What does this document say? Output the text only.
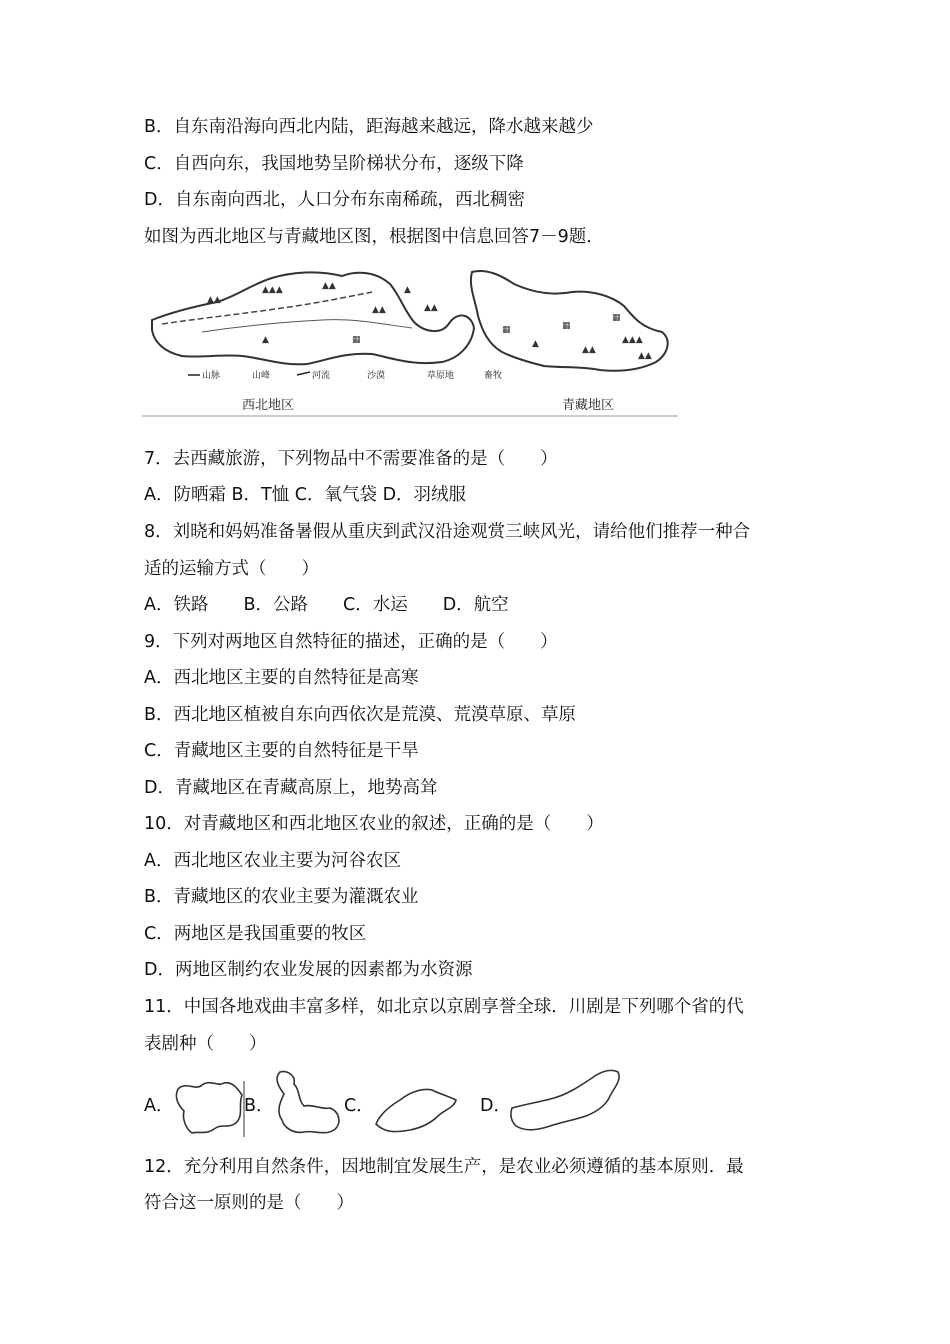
B．自东南沿海向西北内陆，距海越来越远，降水越来越少
C．自西向东，我国地势呈阶梯状分布，逐级下降
D．自东南向西北，人口分布东南稀疏，西北稠密
如图为西北地区与青藏地区图，根据图中信息回答7－9题．
▲▲
▲▲▲	▲▲
▲▲
▲
▲▲
▦
▲
▦	▦
▦
▲▲▲
▲▲
▲
▲▲
山脉	山峰	河流	沙漠	草原地	畜牧
西北地区	青藏地区
7．去西藏旅游，下列物品中不需要准备的是（　　）
A．防晒霜 B．T恤 C．氧气袋 D．羽绒服
8．刘晓和妈妈准备暑假从重庆到武汉沿途观赏三峡风光，请给他们推荐一种合
适的运输方式（　　）
A．铁路　　B．公路　　C．水运　　D．航空
9．下列对两地区自然特征的描述，正确的是（　　）
A．西北地区主要的自然特征是高寒
B．西北地区植被自东向西依次是荒漠、荒漠草原、草原
C．青藏地区主要的自然特征是干旱
D．青藏地区在青藏高原上，地势高耸
10．对青藏地区和西北地区农业的叙述，正确的是（　　）
A．西北地区农业主要为河谷农区
B．青藏地区的农业主要为灌溉农业
C．两地区是我国重要的牧区
D．两地区制约农业发展的因素都为水资源
11．中国各地戏曲丰富多样，如北京以京剧享誉全球．川剧是下列哪个省的代
表剧种（　　）
A．	B．	C．	D．
12．充分利用自然条件，因地制宜发展生产，是农业必须遵循的基本原则．最
符合这一原则的是（　　）
